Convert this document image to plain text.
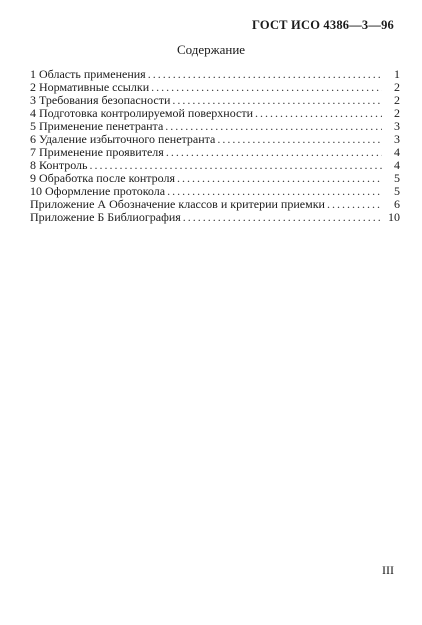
ГОСТ ИСО 4386—3—96
Содержание
1 Область применения .....	1
2 Нормативные ссылки .....	2
3 Требования безопасности .....	2
4 Подготовка контролируемой поверхности .....	2
5 Применение пенетранта .....	3
6 Удаление избыточного пенетранта .....	3
7 Применение проявителя .....	4
8 Контроль .....	4
9 Обработка после контроля .....	5
10 Оформление протокола .....	5
Приложение А Обозначение классов и критерии приемки .....	6
Приложение Б Библиография .....	10
III
